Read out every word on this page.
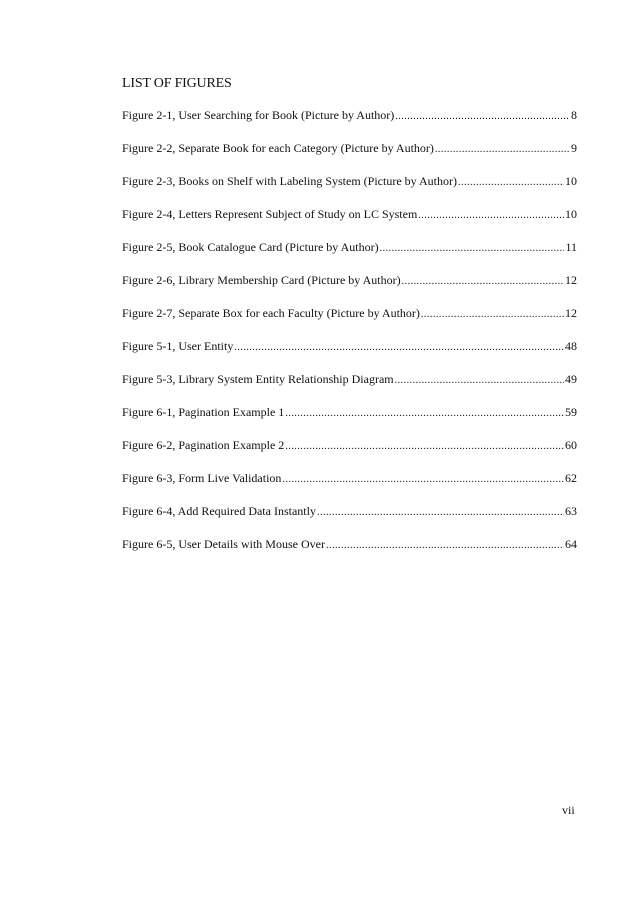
LIST OF FIGURES
Figure 2-1, User Searching for Book (Picture by Author) .....	8
Figure 2-2, Separate Book for each Category (Picture by Author) .....	9
Figure 2-3, Books on Shelf with Labeling System (Picture by Author) .....	10
Figure 2-4, Letters Represent Subject of Study on LC System .....	10
Figure 2-5, Book Catalogue Card (Picture by Author) .....	11
Figure 2-6, Library Membership Card (Picture by Author) .....	12
Figure 2-7, Separate Box for each Faculty (Picture by Author) .....	12
Figure 5-1, User Entity .....	48
Figure 5-3, Library System Entity Relationship Diagram .....	49
Figure 6-1, Pagination Example 1 .....	59
Figure 6-2, Pagination Example 2 .....	60
Figure 6-3, Form Live Validation .....	62
Figure 6-4, Add Required Data Instantly .....	63
Figure 6-5, User Details with Mouse Over .....	64
vii
